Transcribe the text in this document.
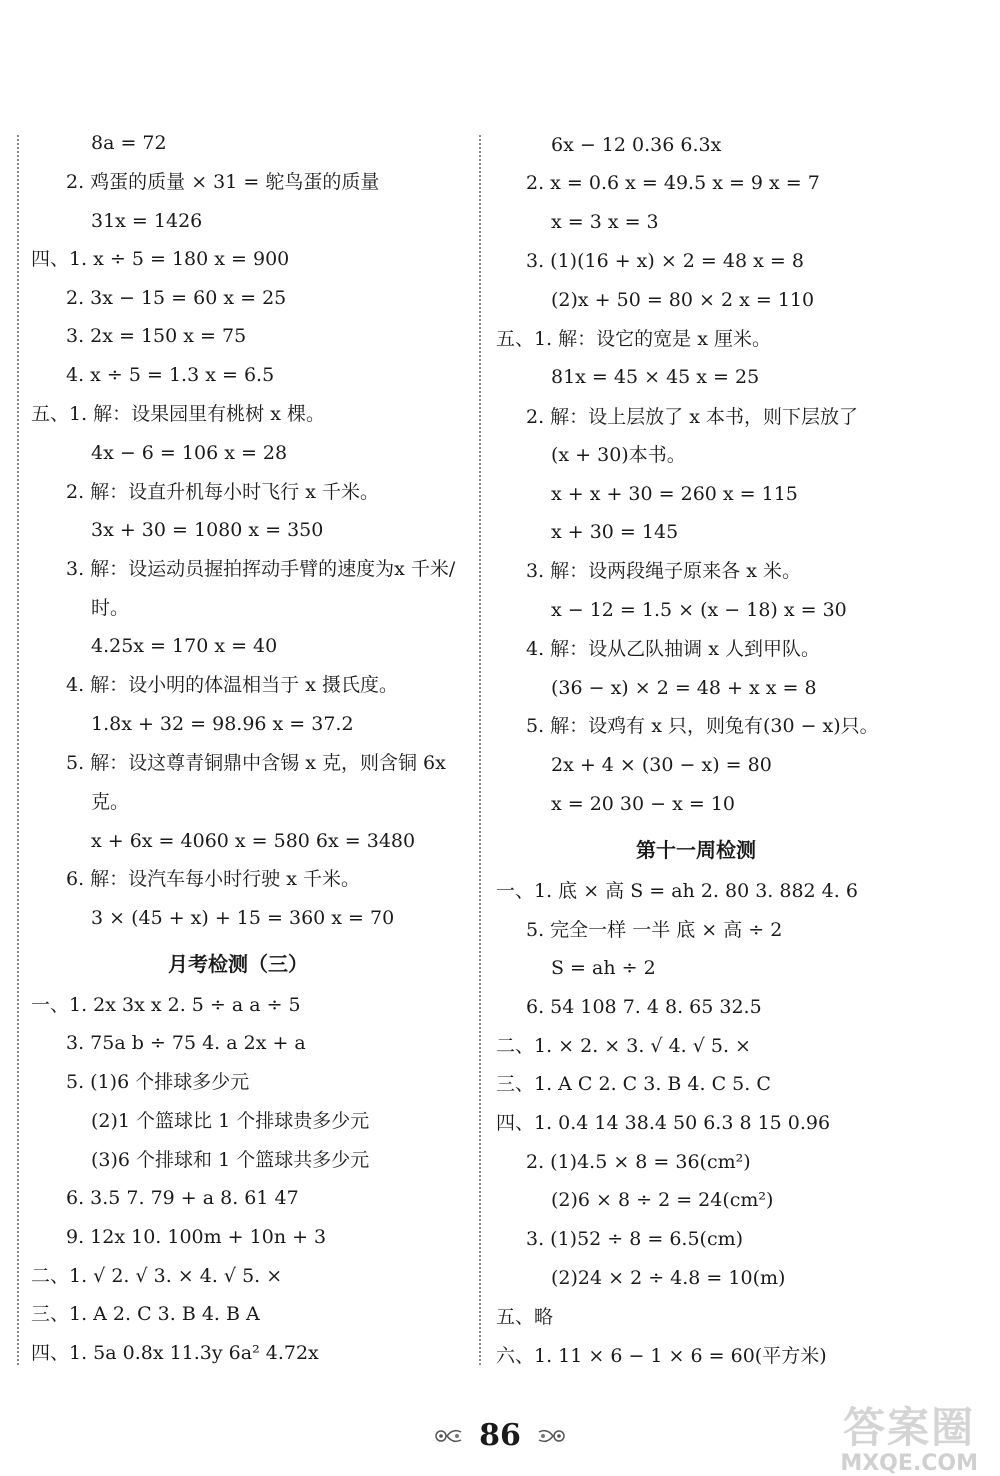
8a = 72
2. 鸡蛋的质量 × 31 = 鸵鸟蛋的质量
31x = 1426
四、1. x ÷ 5 = 180 x = 900
2. 3x − 15 = 60 x = 25
3. 2x = 150 x = 75
4. x ÷ 5 = 1.3 x = 6.5
五、1. 解：设果园里有桃树 x 棵。
4x − 6 = 106 x = 28
2. 解：设直升机每小时飞行 x 千米。
3x + 30 = 1080 x = 350
3. 解：设运动员握拍挥动手臂的速度为x 千米/
时。
4.25x = 170 x = 40
4. 解：设小明的体温相当于 x 摄氏度。
1.8x + 32 = 98.96 x = 37.2
5. 解：设这尊青铜鼎中含锡 x 克，则含铜 6x
克。
x + 6x = 4060 x = 580 6x = 3480
6. 解：设汽车每小时行驶 x 千米。
3 × (45 + x) + 15 = 360 x = 70
月考检测（三）
一、1. 2x 3x x 2. 5 ÷ a a ÷ 5
3. 75a b ÷ 75 4. a 2x + a
5. (1)6 个排球多少元
(2)1 个篮球比 1 个排球贵多少元
(3)6 个排球和 1 个篮球共多少元
6. 3.5 7. 79 + a 8. 61 47
9. 12x 10. 100m + 10n + 3
二、1. √ 2. √ 3. × 4. √ 5. ×
三、1. A 2. C 3. B 4. B A
四、1. 5a 0.8x 11.3y 6a² 4.72x
6x − 12 0.36 6.3x
2. x = 0.6 x = 49.5 x = 9 x = 7
x = 3 x = 3
3. (1)(16 + x) × 2 = 48 x = 8
(2)x + 50 = 80 × 2 x = 110
五、1. 解：设它的宽是 x 厘米。
81x = 45 × 45 x = 25
2. 解：设上层放了 x 本书，则下层放了
(x + 30)本书。
x + x + 30 = 260 x = 115
x + 30 = 145
3. 解：设两段绳子原来各 x 米。
x − 12 = 1.5 × (x − 18) x = 30
4. 解：设从乙队抽调 x 人到甲队。
(36 − x) × 2 = 48 + x x = 8
5. 解：设鸡有 x 只，则兔有(30 − x)只。
2x + 4 × (30 − x) = 80
x = 20 30 − x = 10
第十一周检测
一、1. 底 × 高 S = ah 2. 80 3. 882 4. 6
5. 完全一样 一半 底 × 高 ÷ 2
S = ah ÷ 2
6. 54 108 7. 4 8. 65 32.5
二、1. × 2. × 3. √ 4. √ 5. ×
三、1. A C 2. C 3. B 4. C 5. C
四、1. 0.4 14 38.4 50 6.3 8 15 0.96
2. (1)4.5 × 8 = 36(cm²)
(2)6 × 8 ÷ 2 = 24(cm²)
3. (1)52 ÷ 8 = 6.5(cm)
(2)24 × 2 ÷ 4.8 = 10(m)
五、略
六、1. 11 × 6 − 1 × 6 = 60(平方米)
86	答案圈
MXQE.COM
